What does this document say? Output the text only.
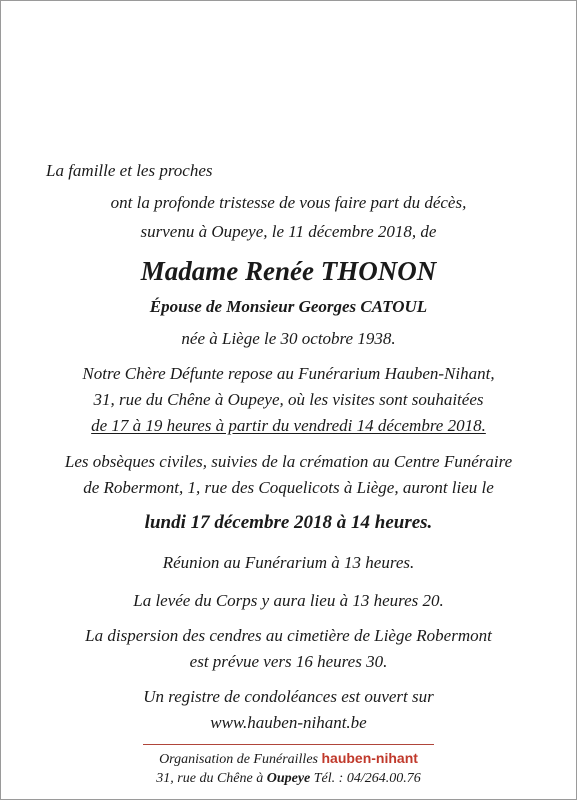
La famille et les proches
ont la profonde tristesse de vous faire part du décès,
survenu à Oupeye, le 11 décembre 2018, de
Madame Renée THONON
Épouse de Monsieur Georges CATOUL
née à Liège le 30 octobre 1938.
Notre Chère Défunte repose au Funérarium Hauben-Nihant,
31, rue du Chêne à Oupeye, où les visites sont souhaitées
de 17 à 19 heures à partir du vendredi 14 décembre 2018.
Les obsèques civiles, suivies de la crémation au Centre Funéraire
de Robermont, 1, rue des Coquelicots à Liège, auront lieu le
lundi 17 décembre 2018 à 14 heures.
Réunion au Funérarium à 13 heures.
La levée du Corps y aura lieu à 13 heures 20.
La dispersion des cendres au cimetière de Liège Robermont
est prévue vers 16 heures 30.
Un registre de condoléances est ouvert sur
www.hauben-nihant.be
Organisation de Funérailles hauben-nihant
31, rue du Chêne à Oupeye Tél. : 04/264.00.76
